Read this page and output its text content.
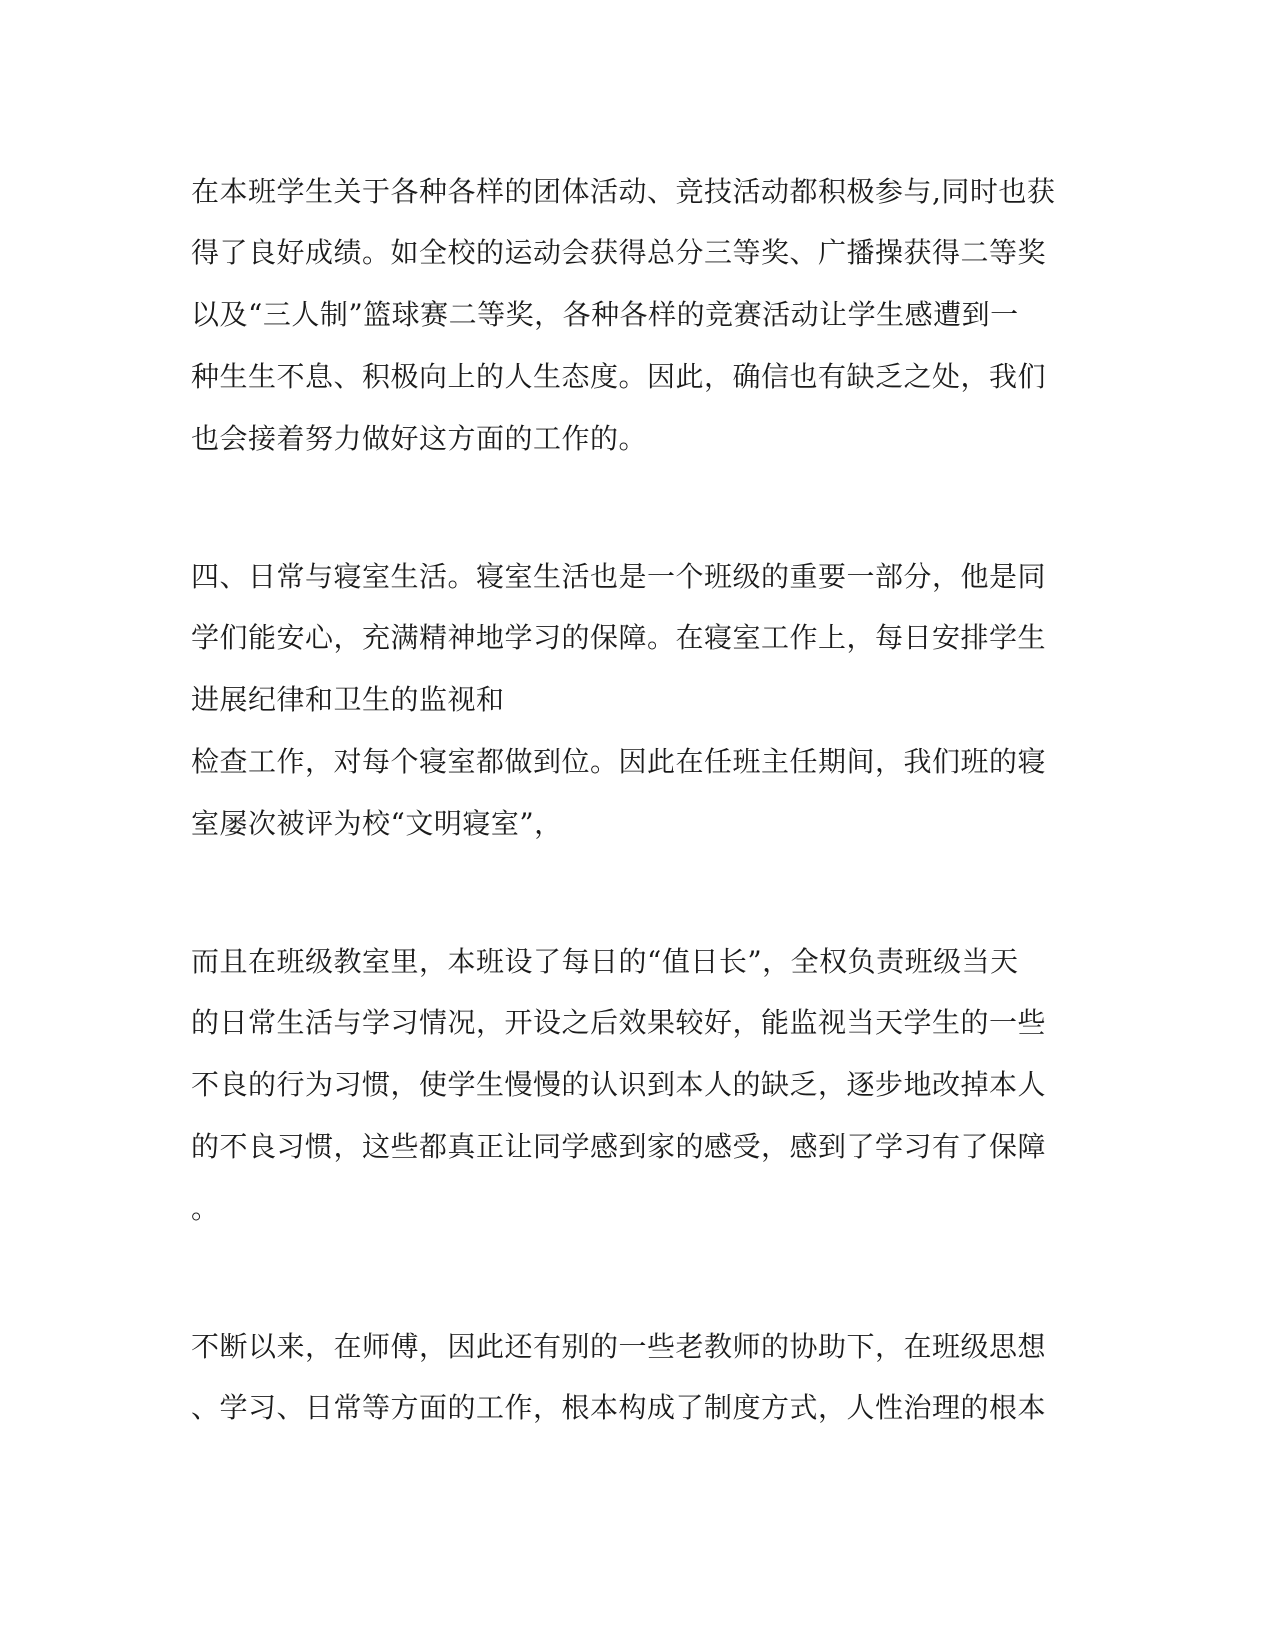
在本班学生关于各种各样的团体活动、竞技活动都积极参与,同时也获
得了良好成绩。如全校的运动会获得总分三等奖、广播操获得二等奖
以及“三人制”篮球赛二等奖，各种各样的竞赛活动让学生感遭到一
种生生不息、积极向上的人生态度。因此，确信也有缺乏之处，我们
也会接着努力做好这方面的工作的。
四、日常与寝室生活。寝室生活也是一个班级的重要一部分，他是同
学们能安心，充满精神地学习的保障。在寝室工作上，每日安排学生
进展纪律和卫生的监视和
检查工作，对每个寝室都做到位。因此在任班主任期间，我们班的寝
室屡次被评为校“文明寝室”，
而且在班级教室里，本班设了每日的“值日长”，全权负责班级当天
的日常生活与学习情况，开设之后效果较好，能监视当天学生的一些
不良的行为习惯，使学生慢慢的认识到本人的缺乏，逐步地改掉本人
的不良习惯，这些都真正让同学感到家的感受，感到了学习有了保障
。
不断以来，在师傅，因此还有别的一些老教师的协助下，在班级思想
、学习、日常等方面的工作，根本构成了制度方式，人性治理的根本
